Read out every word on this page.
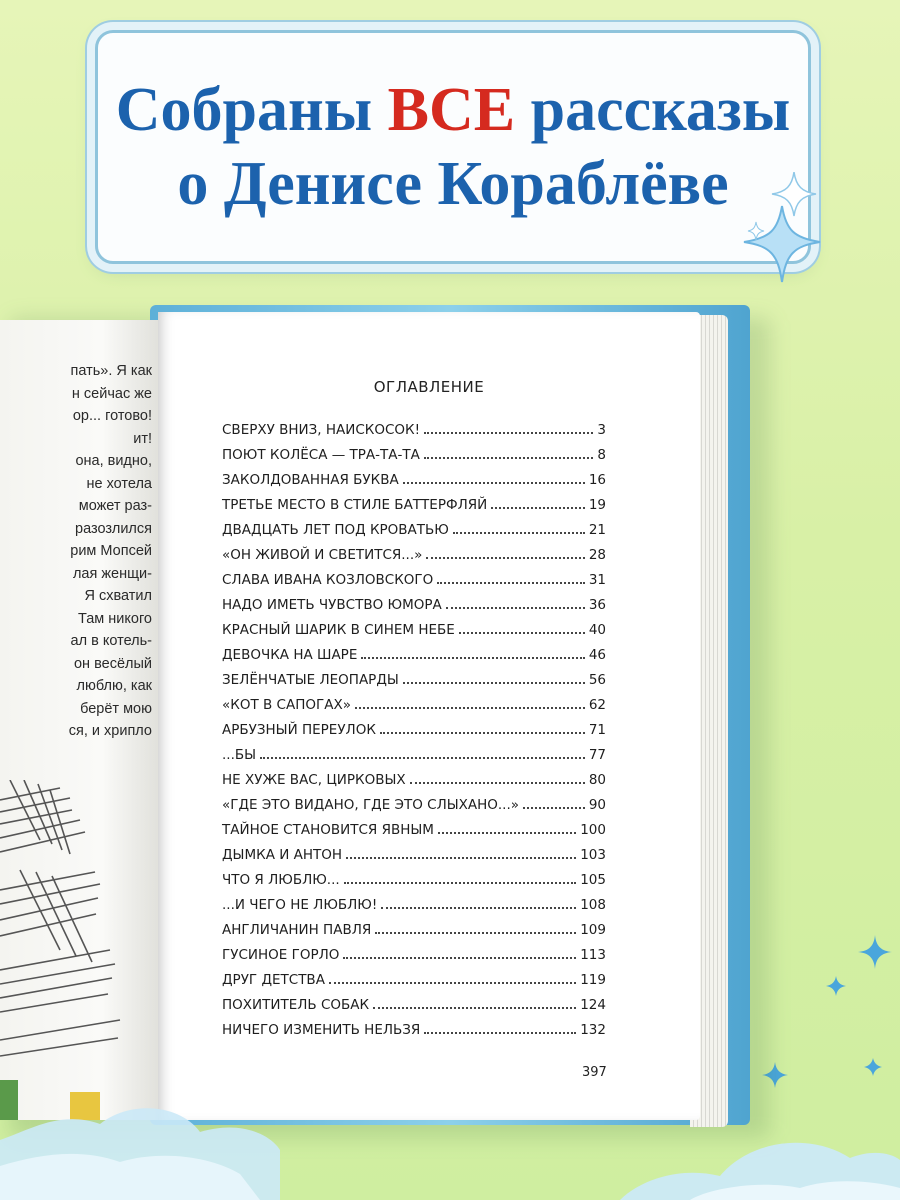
Собраны ВСЕ рассказы
о Денисе Кораблёве
пать». Я как
н сейчас же
ор... готово!
ит!
она, видно,
не хотела
может раз-
разозлился
рим Мопсей
лая женщи-
Я схватил
Там никого
ал в котель-
он весёлый
люблю, как
берёт мою
ся, и хрипло
ОГЛАВЛЕНИЕ
СВЕРХУ ВНИЗ, НАИСКОСОК!	3
ПОЮТ КОЛЁСА — ТРА-ТА-ТА	8
ЗАКОЛДОВАННАЯ БУКВА	16
ТРЕТЬЕ МЕСТО В СТИЛЕ БАТТЕРФЛЯЙ	19
ДВАДЦАТЬ ЛЕТ ПОД КРОВАТЬЮ	21
«ОН ЖИВОЙ И СВЕТИТСЯ...»	28
СЛАВА ИВАНА КОЗЛОВСКОГО	31
НАДО ИМЕТЬ ЧУВСТВО ЮМОРА	36
КРАСНЫЙ ШАРИК В СИНЕМ НЕБЕ	40
ДЕВОЧКА НА ШАРЕ	46
ЗЕЛЁНЧАТЫЕ ЛЕОПАРДЫ	56
«КОТ В САПОГАХ»	62
АРБУЗНЫЙ ПЕРЕУЛОК	71
...БЫ	77
НЕ ХУЖЕ ВАС, ЦИРКОВЫХ	80
«ГДЕ ЭТО ВИДАНО, ГДЕ ЭТО СЛЫХАНО...»	90
ТАЙНОЕ СТАНОВИТСЯ ЯВНЫМ	100
ДЫМКА И АНТОН	103
ЧТО Я ЛЮБЛЮ...	105
...И ЧЕГО НЕ ЛЮБЛЮ!	108
АНГЛИЧАНИН ПАВЛЯ	109
ГУСИНОЕ ГОРЛО	113
ДРУГ ДЕТСТВА	119
ПОХИТИТЕЛЬ СОБАК	124
НИЧЕГО ИЗМЕНИТЬ НЕЛЬЗЯ	132
397
